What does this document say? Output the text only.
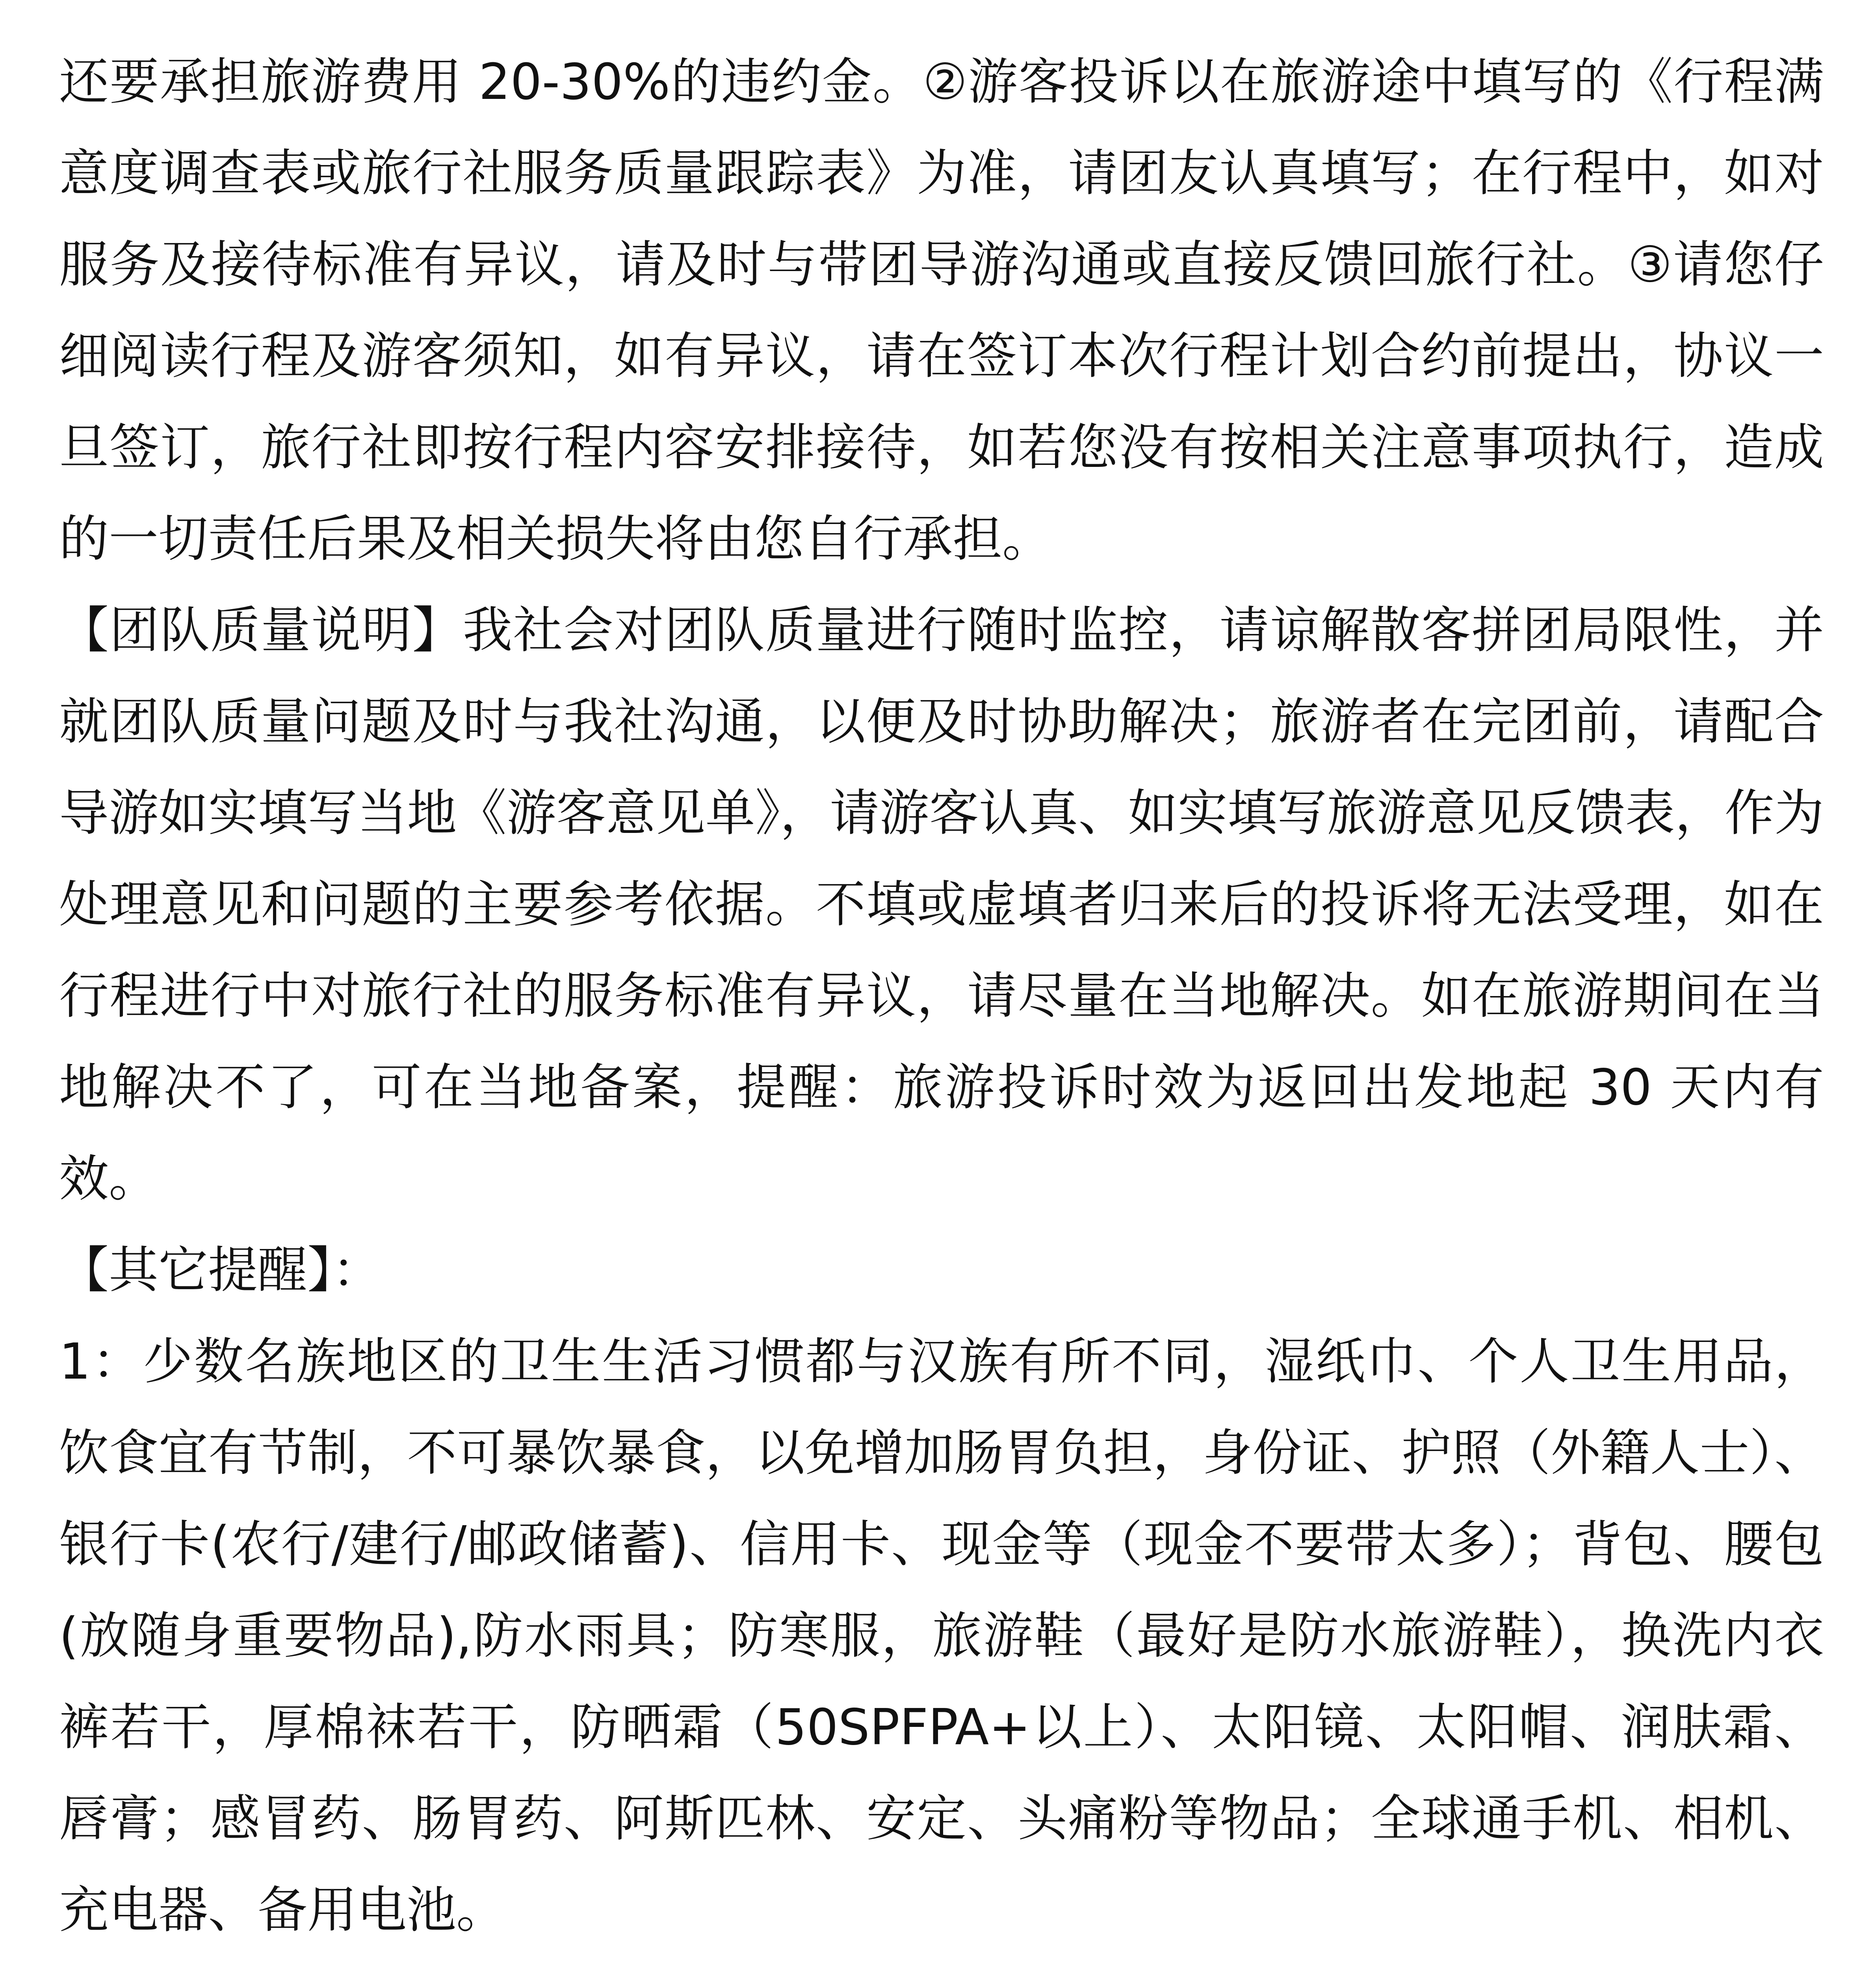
还要承担旅游费用 20-30%的违约金。②游客投诉以在旅游途中填写的《行程满意度调查表或旅行社服务质量跟踪表》为准，请团友认真填写；在行程中，如对服务及接待标准有异议，请及时与带团导游沟通或直接反馈回旅行社。③请您仔细阅读行程及游客须知，如有异议，请在签订本次行程计划合约前提出，协议一旦签订，旅行社即按行程内容安排接待，如若您没有按相关注意事项执行，造成的一切责任后果及相关损失将由您自行承担。

【团队质量说明】我社会对团队质量进行随时监控，请谅解散客拼团局限性，并就团队质量问题及时与我社沟通，以便及时协助解决；旅游者在完团前，请配合导游如实填写当地《游客意见单》，请游客认真、如实填写旅游意见反馈表，作为处理意见和问题的主要参考依据。不填或虚填者归来后的投诉将无法受理，如在行程进行中对旅行社的服务标准有异议，请尽量在当地解决。如在旅游期间在当地解决不了，可在当地备案，提醒：旅游投诉时效为返回出发地起 30 天内有效。

【其它提醒】：

1：少数名族地区的卫生生活习惯都与汉族有所不同，湿纸巾、个人卫生用品，饮食宜有节制，不可暴饮暴食，以免增加肠胃负担，身份证、护照（外籍人士）、银行卡(农行/建行/邮政储蓄)、信用卡、现金等（现金不要带太多）；背包、腰包(放随身重要物品),防水雨具；防寒服，旅游鞋（最好是防水旅游鞋），换洗内衣裤若干，厚棉袜若干，防晒霜（50SPFPA+以上）、太阳镜、太阳帽、润肤霜、唇膏；感冒药、肠胃药、阿斯匹林、安定、头痛粉等物品；全球通手机、相机、充电器、备用电池。
